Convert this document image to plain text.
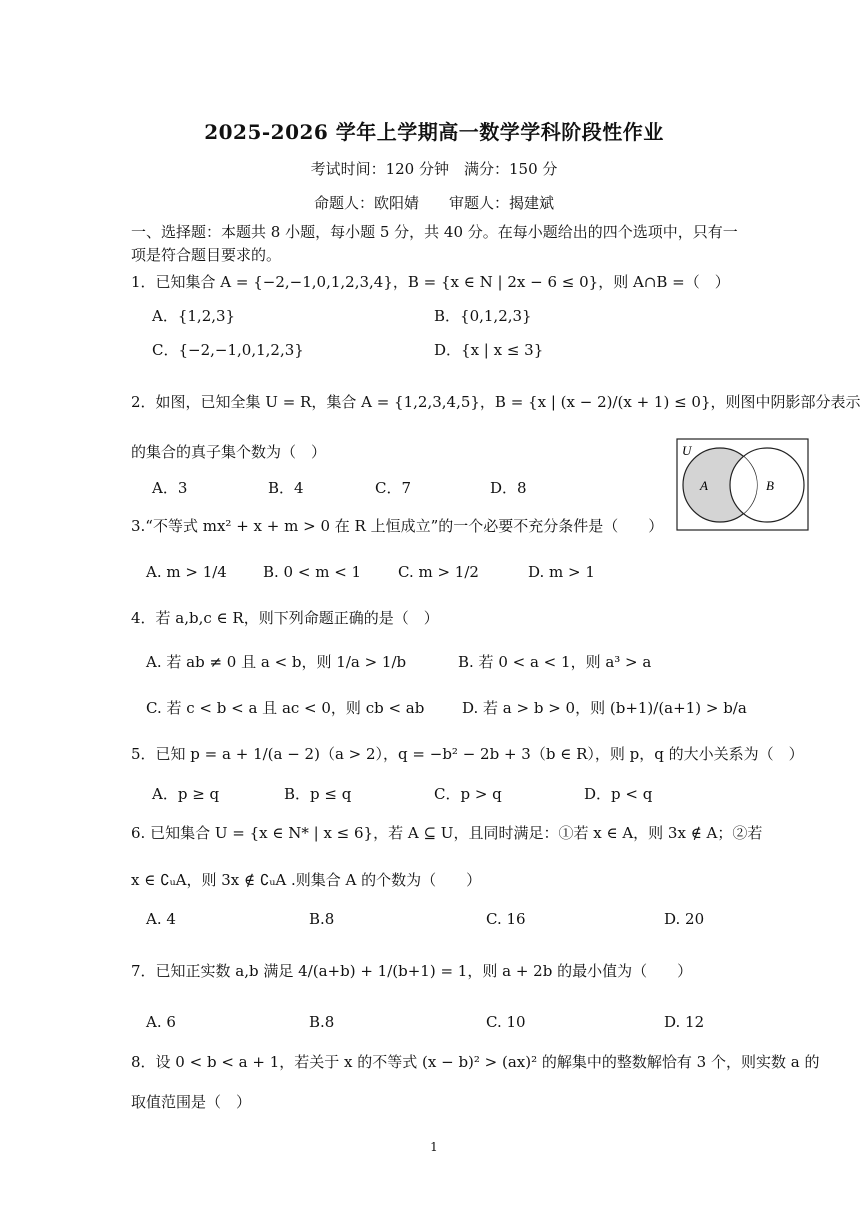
2025-2026 学年上学期高一数学学科阶段性作业
考试时间：120 分钟　满分：150 分
命题人：欧阳婧　　审题人：揭建斌
一、选择题：本题共 8 小题，每小题 5 分，共 40 分。在每小题给出的四个选项中，只有一
项是符合题目要求的。
1．已知集合 A = {−2,−1,0,1,2,3,4}，B = {x ∈ N | 2x − 6 ≤ 0}，则 A∩B =（　）
A．{1,2,3}	B．{0,1,2,3}
C．{−2,−1,0,1,2,3}	D．{x | x ≤ 3}
2．如图，已知全集 U = R，集合 A = {1,2,3,4,5}，B = {x | (x − 2)/(x + 1) ≤ 0}，则图中阴影部分表示
的集合的真子集个数为（　）
A．3	B．4	C．7	D．8
U
A	B
3.“不等式 mx² + x + m > 0 在 R 上恒成立”的一个必要不充分条件是（　　）
A. m > 1/4 B. 0 < m < 1 C. m > 1/2	D. m > 1
4．若 a,b,c ∈ R，则下列命题正确的是（　）
A. 若 ab ≠ 0 且 a < b，则 1/a > 1/b	B. 若 0 < a < 1，则 a³ > a
C. 若 c < b < a 且 ac < 0，则 cb < ab	D. 若 a > b > 0，则 (b+1)/(a+1) > b/a
5．已知 p = a + 1/(a − 2)（a > 2），q = −b² − 2b + 3（b ∈ R），则 p，q 的大小关系为（　）
A．p ≥ q	B．p ≤ q	C．p > q	D．p < q
6. 已知集合 U = {x ∈ N* | x ≤ 6}，若 A ⊆ U，且同时满足：①若 x ∈ A，则 3x ∉ A；②若
x ∈ ∁ᵤA，则 3x ∉ ∁ᵤA .则集合 A 的个数为（　　）
A. 4	B.8	C. 16	D. 20
7．已知正实数 a,b 满足 4/(a+b) + 1/(b+1) = 1，则 a + 2b 的最小值为（　　）
A. 6	B.8	C. 10	D. 12
8．设 0 < b < a + 1，若关于 x 的不等式 (x − b)² > (ax)² 的解集中的整数解恰有 3 个，则实数 a 的
取值范围是（　）
1
